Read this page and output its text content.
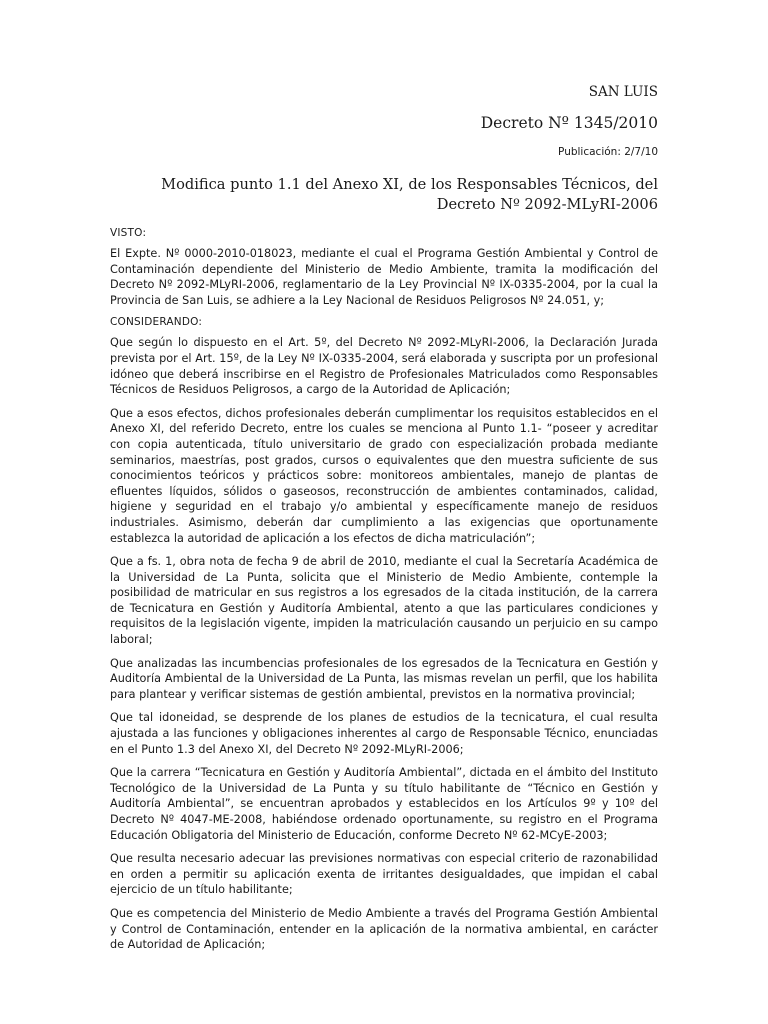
SAN LUIS
Decreto Nº 1345/2010
Publicación: 2/7/10
Modifica punto 1.1 del Anexo XI, de los Responsables Técnicos, del Decreto Nº 2092-MLyRI-2006
VISTO:

El Expte. Nº 0000-2010-018023, mediante el cual el Programa Gestión Ambiental y Control de Contaminación dependiente del Ministerio de Medio Ambiente, tramita la modificación del Decreto Nº 2092-MLyRI-2006, reglamentario de la Ley Provincial Nº IX-0335-2004, por la cual la Provincia de San Luis, se adhiere a la Ley Nacional de Residuos Peligrosos Nº 24.051, y;

CONSIDERANDO:

Que según lo dispuesto en el Art. 5º, del Decreto Nº 2092-MLyRI-2006, la Declaración Jurada prevista por el Art. 15º, de la Ley Nº IX-0335-2004, será elaborada y suscripta por un profesional idóneo que deberá inscribirse en el Registro de Profesionales Matriculados como Responsables Técnicos de Residuos Peligrosos, a cargo de la Autoridad de Aplicación;

Que a esos efectos, dichos profesionales deberán cumplimentar los requisitos establecidos en el Anexo XI, del referido Decreto, entre los cuales se menciona al Punto 1.1- “poseer y acreditar con copia autenticada, título universitario de grado con especialización probada mediante seminarios, maestrías, post grados, cursos o equivalentes que den muestra suficiente de sus conocimientos teóricos y prácticos sobre: monitoreos ambientales, manejo de plantas de efluentes líquidos, sólidos o gaseosos, reconstrucción de ambientes contaminados, calidad, higiene y seguridad en el trabajo y/o ambiental y específicamente manejo de residuos industriales. Asimismo, deberán dar cumplimiento a las exigencias que oportunamente establezca la autoridad de aplicación a los efectos de dicha matriculación”;

Que a fs. 1, obra nota de fecha 9 de abril de 2010, mediante el cual la Secretaría Académica de la Universidad de La Punta, solicita que el Ministerio de Medio Ambiente, contemple la posibilidad de matricular en sus registros a los egresados de la citada institución, de la carrera de Tecnicatura en Gestión y Auditoría Ambiental, atento a que las particulares condiciones y requisitos de la legislación vigente, impiden la matriculación causando un perjuicio en su campo laboral;

Que analizadas las incumbencias profesionales de los egresados de la Tecnicatura en Gestión y Auditoría Ambiental de la Universidad de La Punta, las mismas revelan un perfil, que los habilita para plantear y verificar sistemas de gestión ambiental, previstos en la normativa provincial;

Que tal idoneidad, se desprende de los planes de estudios de la tecnicatura, el cual resulta ajustada a las funciones y obligaciones inherentes al cargo de Responsable Técnico, enunciadas en el Punto 1.3 del Anexo XI, del Decreto Nº 2092-MLyRI-2006;

Que la carrera “Tecnicatura en Gestión y Auditoría Ambiental”, dictada en el ámbito del Instituto Tecnológico de la Universidad de La Punta y su título habilitante de “Técnico en Gestión y Auditoría Ambiental”, se encuentran aprobados y establecidos en los Artículos 9º y 10º del Decreto Nº 4047-ME-2008, habiéndose ordenado oportunamente, su registro en el Programa Educación Obligatoria del Ministerio de Educación, conforme Decreto Nº 62-MCyE-2003;

Que resulta necesario adecuar las previsiones normativas con especial criterio de razonabilidad en orden a permitir su aplicación exenta de irritantes desigualdades, que impidan el cabal ejercicio de un título habilitante;

Que es competencia del Ministerio de Medio Ambiente a través del Programa Gestión Ambiental y Control de Contaminación, entender en la aplicación de la normativa ambiental, en carácter de Autoridad de Aplicación;
